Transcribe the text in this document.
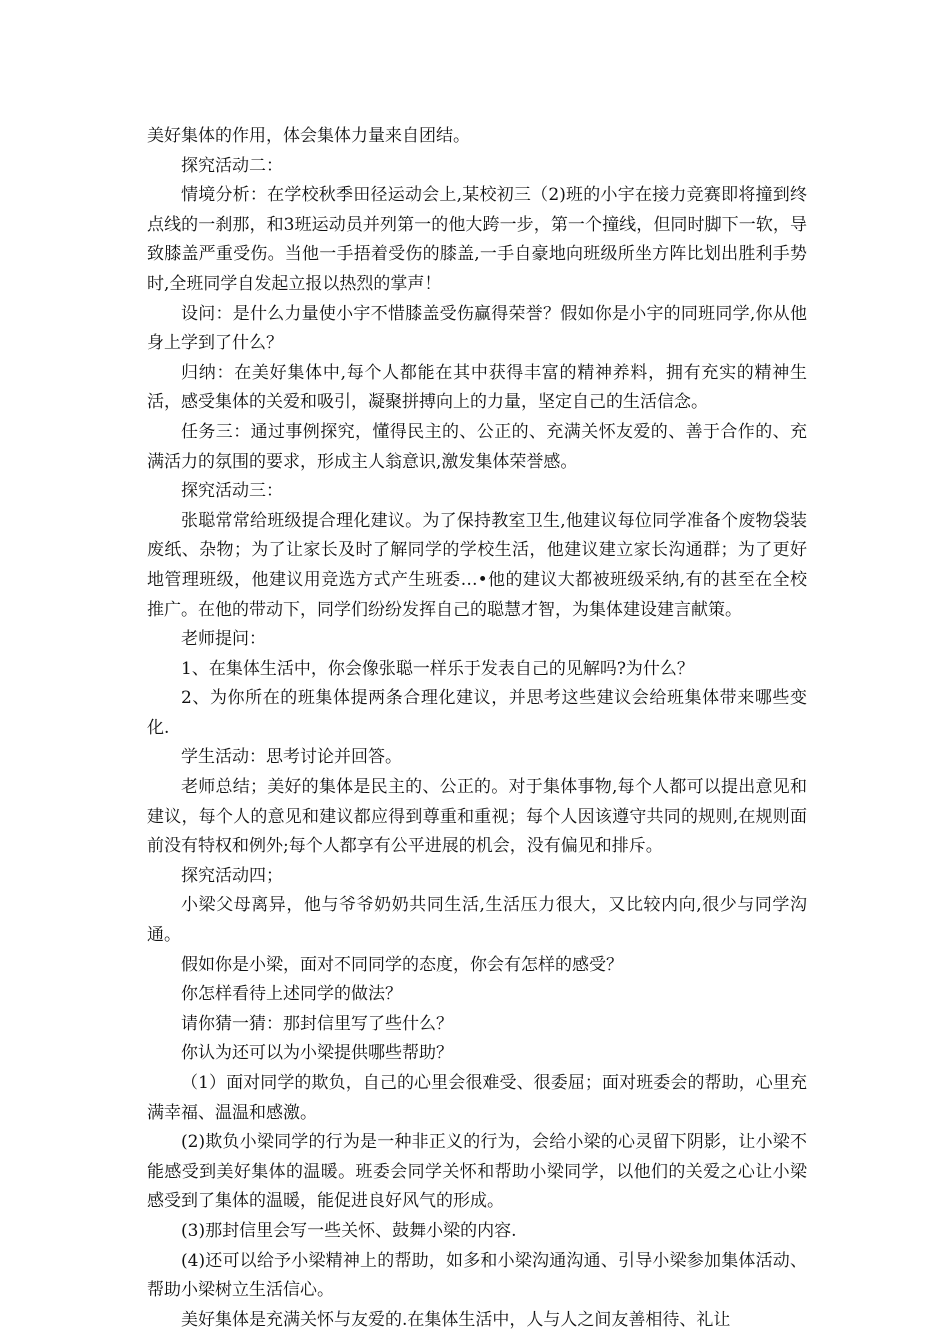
美好集体的作用，体会集体力量来自团结。

探究活动二：

情境分析：在学校秋季田径运动会上,某校初三（2)班的小宇在接力竞赛即将撞到终点线的一刹那，和3班运动员并列第一的他大跨一步，第一个撞线，但同时脚下一软，导致膝盖严重受伤。当他一手捂着受伤的膝盖,一手自豪地向班级所坐方阵比划出胜利手势时,全班同学自发起立报以热烈的掌声！

设问：是什么力量使小宇不惜膝盖受伤赢得荣誉？假如你是小宇的同班同学,你从他身上学到了什么？

归纳：在美好集体中,每个人都能在其中获得丰富的精神养料，拥有充实的精神生活，感受集体的关爱和吸引，凝聚拼搏向上的力量，坚定自己的生活信念。

任务三：通过事例探究，懂得民主的、公正的、充满关怀友爱的、善于合作的、充满活力的氛围的要求，形成主人翁意识,激发集体荣誉感。

探究活动三：

张聪常常给班级提合理化建议。为了保持教室卫生,他建议每位同学准备个废物袋装废纸、杂物；为了让家长及时了解同学的学校生活，他建议建立家长沟通群；为了更好地管理班级，他建议用竞选方式产生班委…•他的建议大都被班级采纳,有的甚至在全校推广。在他的带动下，同学们纷纷发挥自己的聪慧才智，为集体建设建言献策。

老师提问：

1、在集体生活中，你会像张聪一样乐于发表自己的见解吗?为什么？

2、为你所在的班集体提两条合理化建议，并思考这些建议会给班集体带来哪些变化.

学生活动：思考讨论并回答。

老师总结；美好的集体是民主的、公正的。对于集体事物,每个人都可以提出意见和建议，每个人的意见和建议都应得到尊重和重视；每个人因该遵守共同的规则,在规则面前没有特权和例外;每个人都享有公平进展的机会，没有偏见和排斥。

探究活动四；

小梁父母离异，他与爷爷奶奶共同生活,生活压力很大，又比较内向,很少与同学沟通。

假如你是小梁，面对不同同学的态度，你会有怎样的感受？

你怎样看待上述同学的做法？

请你猜一猜：那封信里写了些什么？

你认为还可以为小梁提供哪些帮助？

（1）面对同学的欺负，自己的心里会很难受、很委屈；面对班委会的帮助，心里充满幸福、温温和感激。

(2)欺负小梁同学的行为是一种非正义的行为，会给小梁的心灵留下阴影，让小梁不能感受到美好集体的温暖。班委会同学关怀和帮助小梁同学，以他们的关爱之心让小梁感受到了集体的温暖，能促进良好风气的形成。

(3)那封信里会写一些关怀、鼓舞小梁的内容.

(4)还可以给予小梁精神上的帮助，如多和小梁沟通沟通、引导小梁参加集体活动、帮助小梁树立生活信心。

美好集体是充满关怀与友爱的.在集体生活中，人与人之间友善相待、礼让
